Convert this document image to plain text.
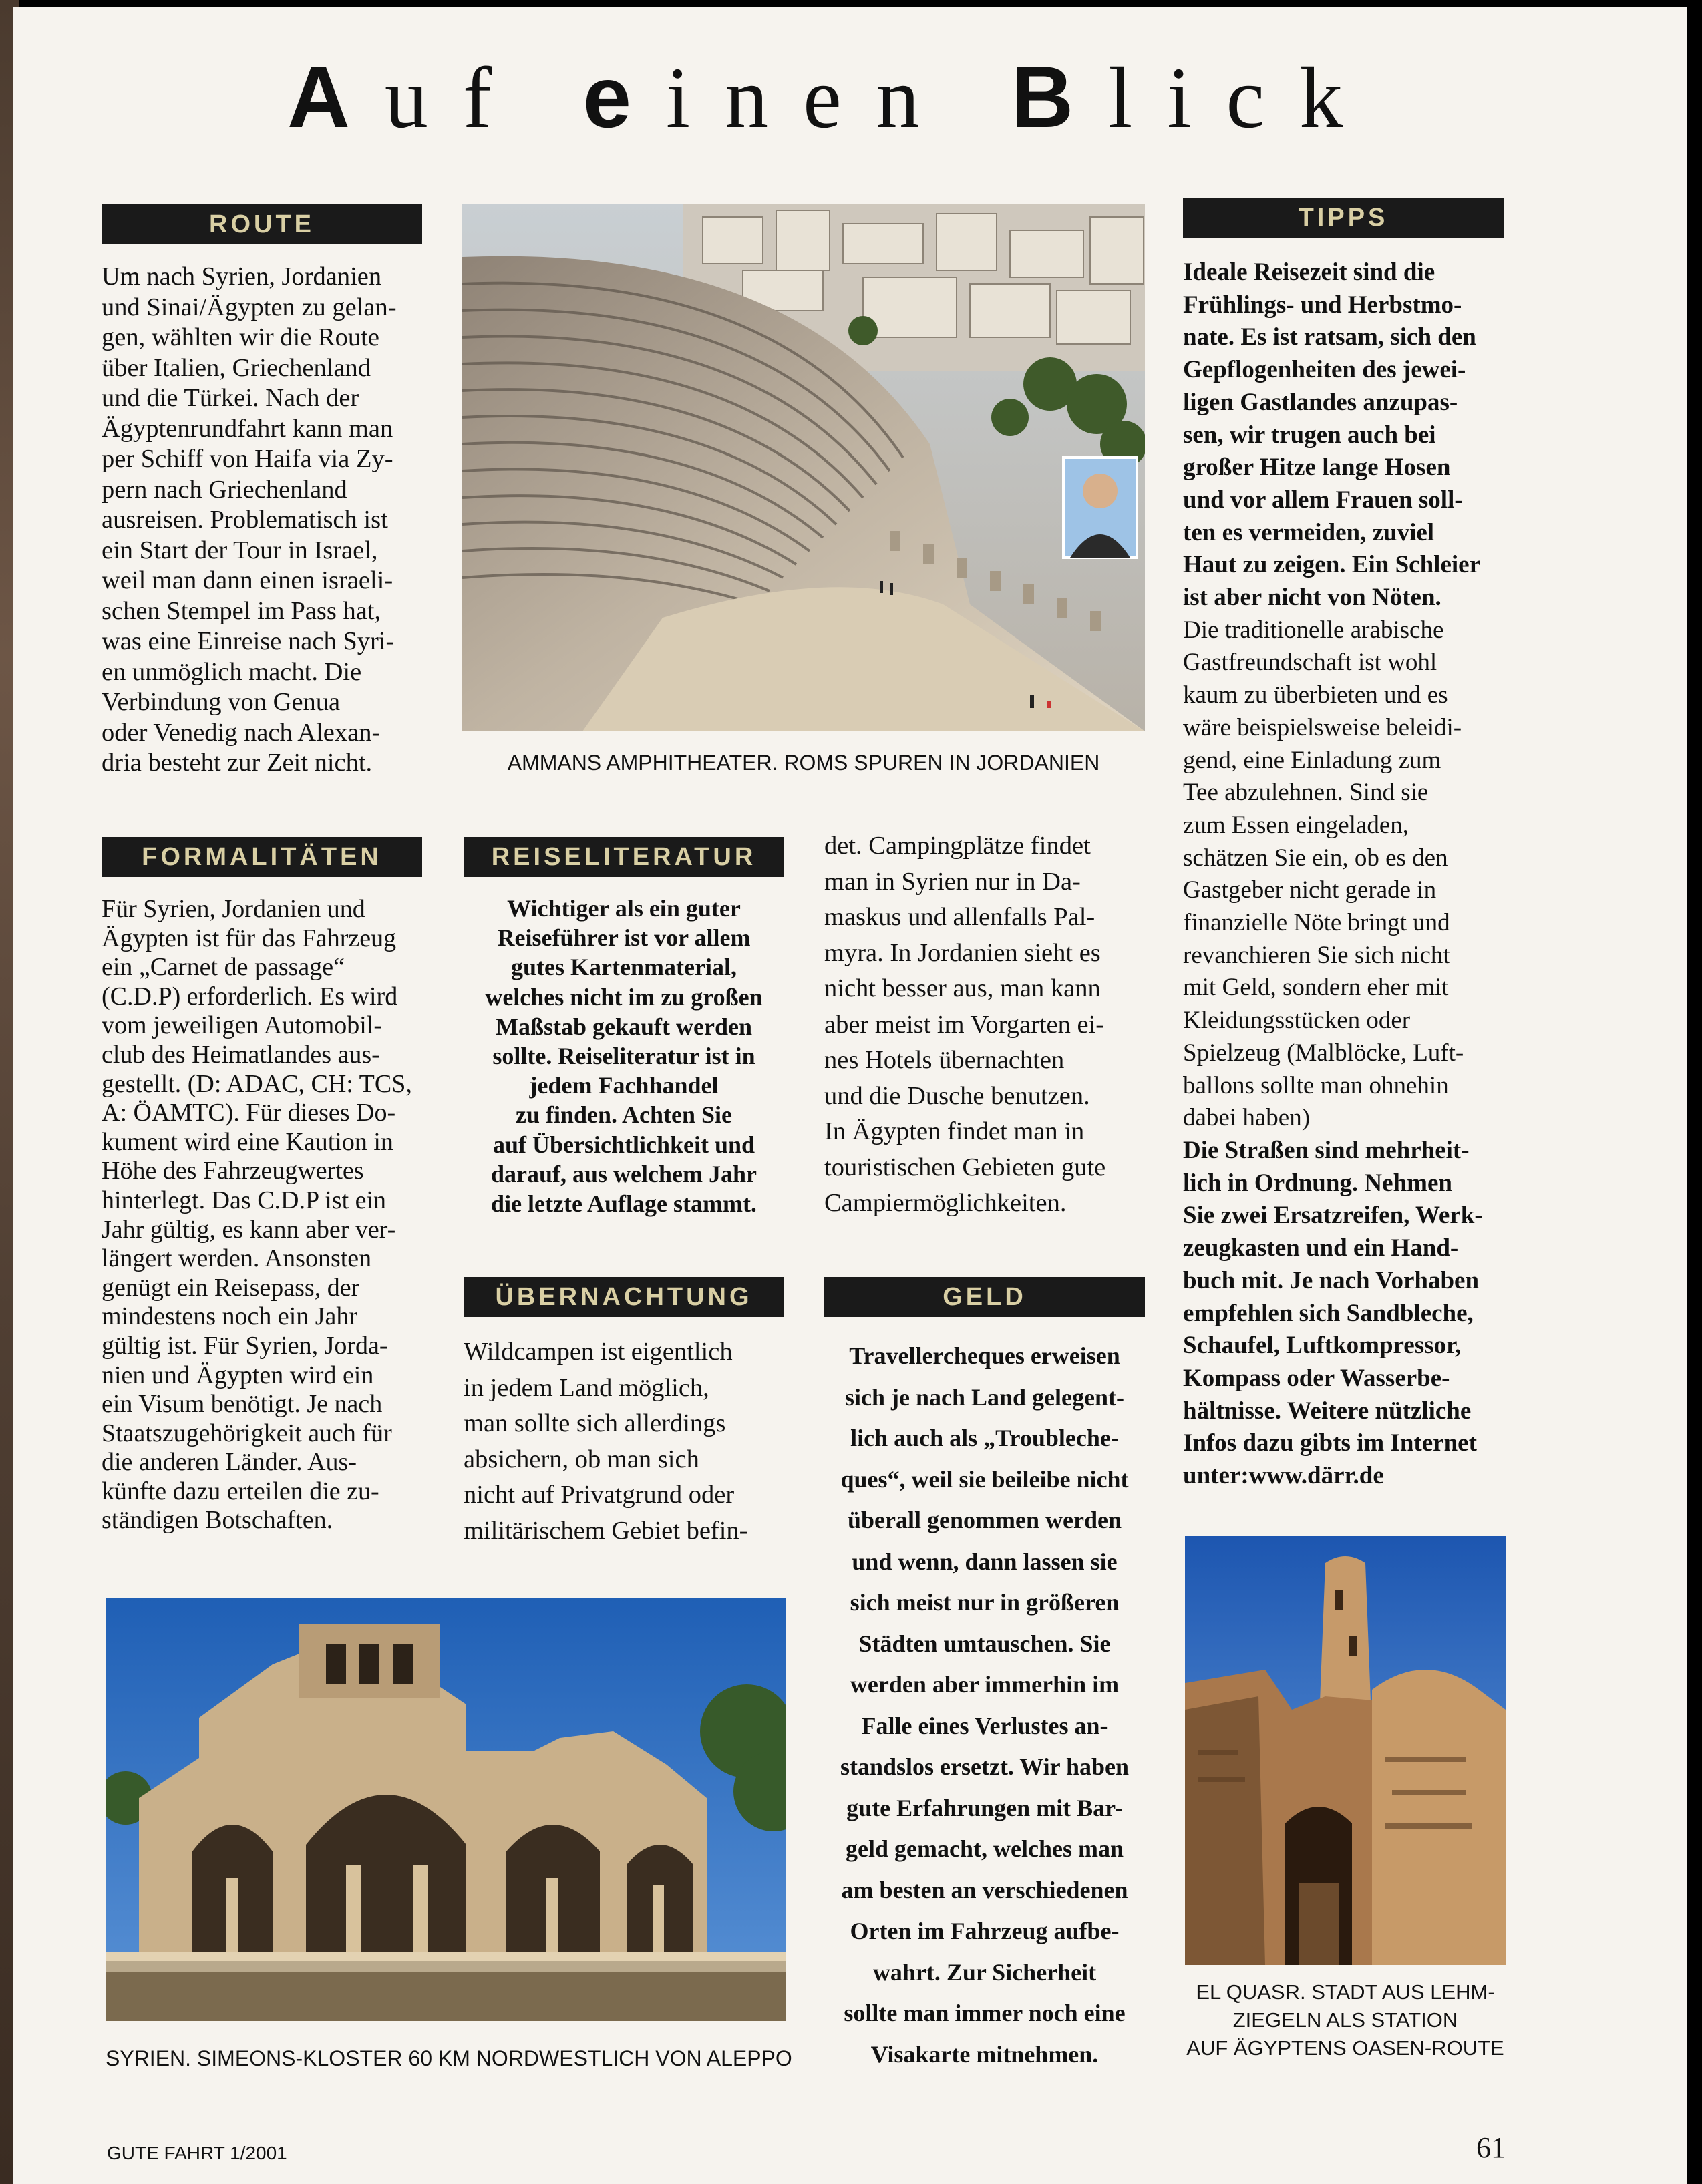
Auf einen Blick
ROUTE
Um nach Syrien, Jordanien
und Sinai/Ägypten zu gelan-
gen, wählten wir die Route
über Italien, Griechenland
und die Türkei. Nach der
Ägyptenrundfahrt kann man
per Schiff von Haifa via Zy-
pern nach Griechenland
ausreisen. Problematisch ist
ein Start der Tour in Israel,
weil man dann einen israeli-
schen Stempel im Pass hat,
was eine Einreise nach Syri-
en unmöglich macht. Die
Verbindung von Genua
oder Venedig nach Alexan-
dria besteht zur Zeit nicht.	AMMANS AMPHITHEATER. ROMS SPUREN IN JORDANIEN
TIPPS
Ideale Reisezeit sind die
Frühlings- und Herbstmo-
nate. Es ist ratsam, sich den
Gepflogenheiten des jewei-
ligen Gastlandes anzupas-
sen, wir trugen auch bei
großer Hitze lange Hosen
und vor allem Frauen soll-
ten es vermeiden, zuviel
Haut zu zeigen. Ein Schleier
ist aber nicht von Nöten.
Die traditionelle arabische
Gastfreundschaft ist wohl
kaum zu überbieten und es
wäre beispielsweise beleidi-
gend, eine Einladung zum
Tee abzulehnen. Sind sie
zum Essen eingeladen,
schätzen Sie ein, ob es den
Gastgeber nicht gerade in
finanzielle Nöte bringt und
revanchieren Sie sich nicht
mit Geld, sondern eher mit
Kleidungsstücken oder
Spielzeug (Malblöcke, Luft-
ballons sollte man ohnehin
dabei haben)
Die Straßen sind mehrheit-
lich in Ordnung. Nehmen
Sie zwei Ersatzreifen, Werk-
zeugkasten und ein Hand-
buch mit. Je nach Vorhaben
empfehlen sich Sandbleche,
Schaufel, Luftkompressor,
Kompass oder Wasserbe-
hältnisse. Weitere nützliche
Infos dazu gibts im Internet
unter:www.därr.de
FORMALITÄTEN
Für Syrien, Jordanien und
Ägypten ist für das Fahrzeug
ein „Carnet de passage“
(C.D.P) erforderlich. Es wird
vom jeweiligen Automobil-
club des Heimatlandes aus-
gestellt. (D: ADAC, CH: TCS,
A: ÖAMTC). Für dieses Do-
kument wird eine Kaution in
Höhe des Fahrzeugwertes
hinterlegt. Das C.D.P ist ein
Jahr gültig, es kann aber ver-
längert werden. Ansonsten
genügt ein Reisepass, der
mindestens noch ein Jahr
gültig ist. Für Syrien, Jorda-
nien und Ägypten wird ein
ein Visum benötigt. Je nach
Staatszugehörigkeit auch für
die anderen Länder. Aus-
künfte dazu erteilen die zu-
ständigen Botschaften.
REISELITERATUR
Wichtiger als ein guter
Reiseführer ist vor allem
gutes Kartenmaterial,
welches nicht im zu großen
Maßstab gekauft werden
sollte. Reiseliteratur ist in
jedem Fachhandel
zu finden. Achten Sie
auf Übersichtlichkeit und
darauf, aus welchem Jahr
die letzte Auflage stammt.
det. Campingplätze findet
man in Syrien nur in Da-
maskus und allenfalls Pal-
myra. In Jordanien sieht es
nicht besser aus, man kann
aber meist im Vorgarten ei-
nes Hotels übernachten
und die Dusche benutzen.
In Ägypten findet man in
touristischen Gebieten gute
Campiermöglichkeiten.
ÜBERNACHTUNG
Wildcampen ist eigentlich
in jedem Land möglich,
man sollte sich allerdings
absichern, ob man sich
nicht auf Privatgrund oder
militärischem Gebiet befin-
GELD
Travellercheques erweisen
sich je nach Land gelegent-
lich auch als „Troubleche-
ques“, weil sie beileibe nicht
überall genommen werden
und wenn, dann lassen sie
sich meist nur in größeren
Städten umtauschen. Sie
werden aber immerhin im
Falle eines Verlustes an-
standslos ersetzt. Wir haben
gute Erfahrungen mit Bar-
geld gemacht, welches man
am besten an verschiedenen
Orten im Fahrzeug aufbe-
wahrt. Zur Sicherheit
sollte man immer noch eine
Visakarte mitnehmen.
SYRIEN. SIMEONS-KLOSTER 60 KM NORDWESTLICH VON ALEPPO
EL QUASR. STADT AUS LEHM-
ZIEGELN ALS STATION
AUF ÄGYPTENS OASEN-ROUTE
GUTE FAHRT 1/2001	61
